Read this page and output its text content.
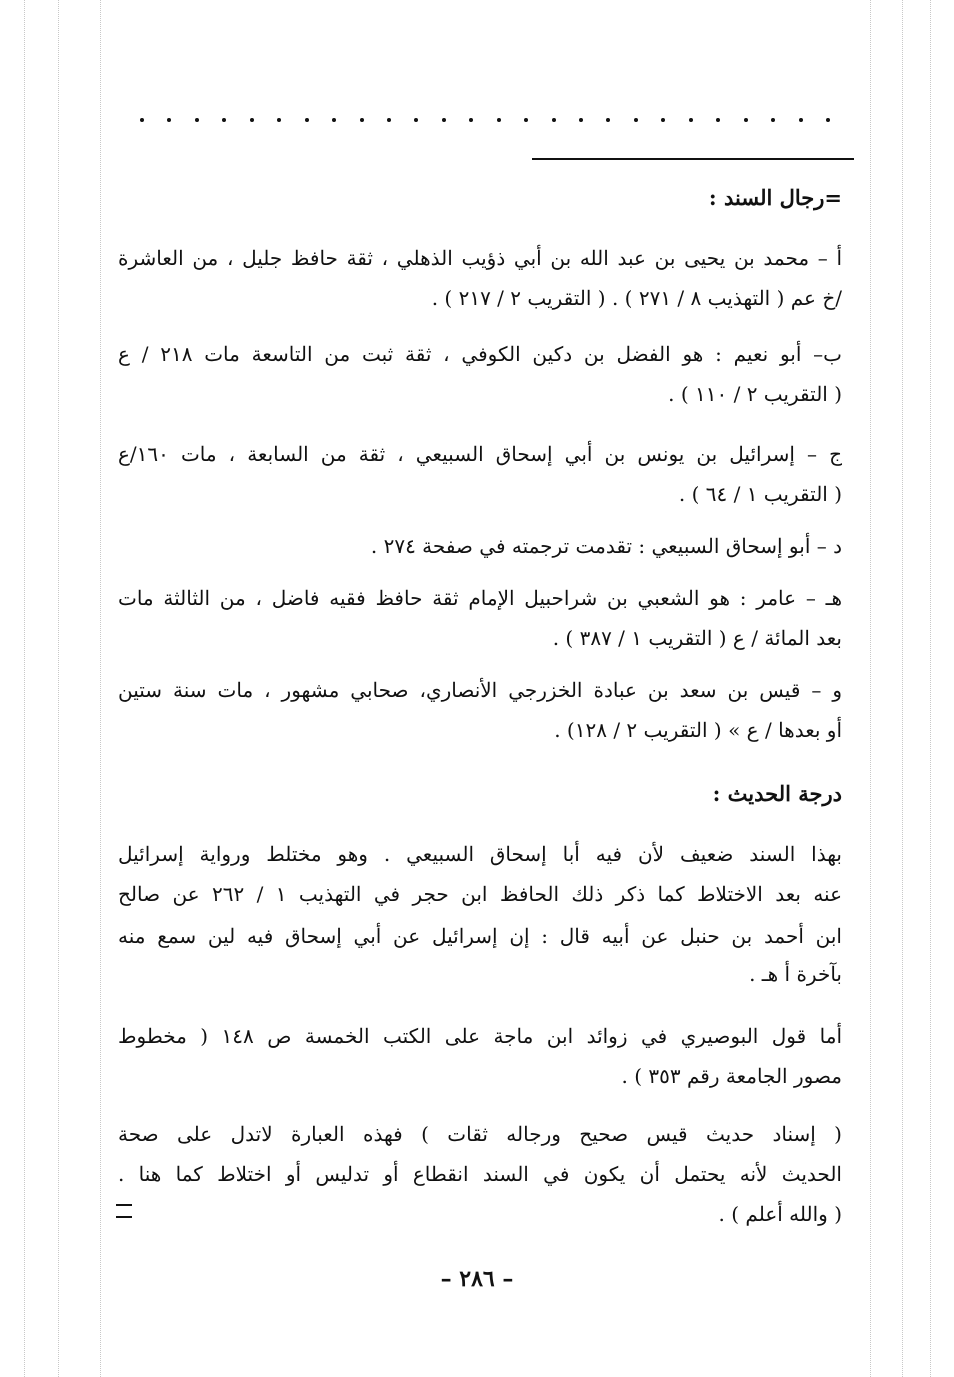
=رجال السند :
أ – محمد بن يحيى بن عبد الله بن أبي ذؤيب الذهلي ، ثقة حافظ جليل ، من العاشرة
/خ عم ( التهذيب ٨ / ٢٧١ ) . ( التقريب ٢ / ٢١٧ ) .
ب– أبو نعيم : هو الفضل بن دكين الكوفي ، ثقة ثبت من التاسعة مات ٢١٨ / ع
( التقريب ٢ / ١١٠ ) .
ج – إسرائيل بن يونس بن أبي إسحاق السبيعي ، ثقة من السابعة ، مات ١٦٠/ع
( التقريب ١ / ٦٤ ) .
د – أبو إسحاق السبيعي : تقدمت ترجمته في صفحة ٢٧٤ .
هـ – عامر : هو الشعبي بن شراحبيل الإمام ثقة حافظ فقيه فاضل ، من الثالثة مات
بعد المائة / ع ( التقريب ١ / ٣٨٧ ) .
و – قيس بن سعد بن عبادة الخزرجي الأنصاري، صحابي مشهور ، مات سنة ستين
أو بعدها / ع » ( التقريب ٢ / ١٢٨) .
درجة الحديث :
بهذا السند ضعيف لأن فيه أبا إسحاق السبيعي . وهو مختلط ورواية إسرائيل
عنه بعد الاختلاط كما ذكر ذلك الحافظ ابن حجر في التهذيب ١ / ٢٦٢ عن صالح
ابن أحمد بن حنبل عن أبيه قال : إن إسرائيل عن أبي إسحاق فيه لين سمع منه
بآخرة أ هـ .
أما قول البوصيري في زوائد ابن ماجة على الكتب الخمسة ص ١٤٨ ( مخطوط
مصور الجامعة رقم ٣٥٣ ) .
( إسناد حديث قيس صحيح ورجاله ثقات ) فهذه العبارة لاتدل على صحة
الحديث لأنه يحتمل أن يكون في السند انقطاع أو تدليس أو اختلاط كما هنا .
( والله أعلم ) .
– ٢٨٦ –
